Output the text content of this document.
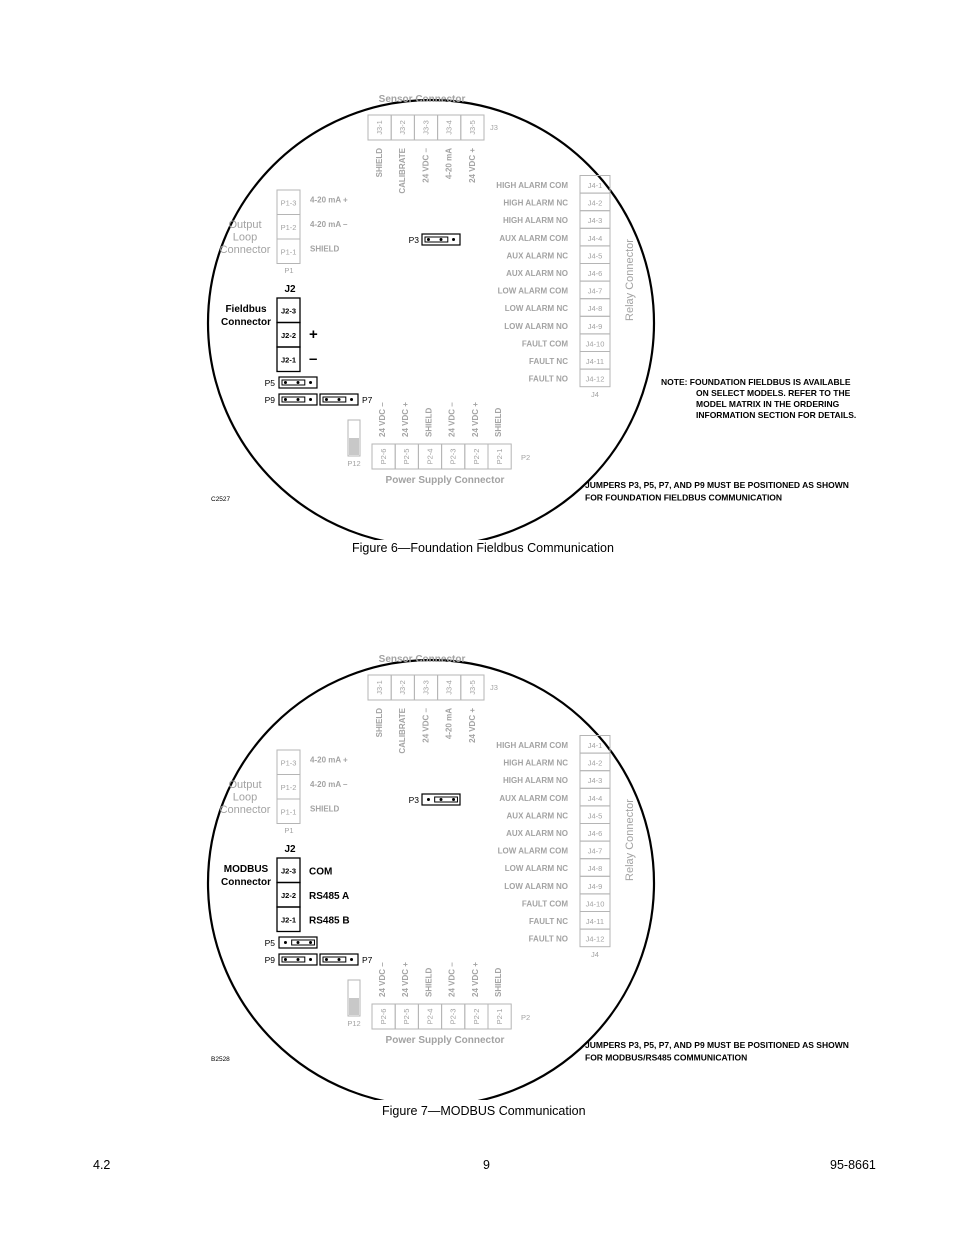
Sensor Connector
J3-1 J3-2 J3-3 J3-4 J3-5 J3
SHIELD CALIBRATE 24 VDC – 4-20 mA 24 VDC +
HIGH ALARM COM	J4-1
HIGH ALARM NC	J4-2
HIGH ALARM NO	J4-3
AUX ALARM COM	J4-4
AUX ALARM NC	J4-5
AUX ALARM NO	J4-6
LOW ALARM COM	J4-7
LOW ALARM NC	J4-8
LOW ALARM NO	J4-9
FAULT COM J4-10
FAULT NC J4-11
FAULT NO J4-12
J4
Relay Connector
Output
Loop
Connector
P1-3 4-20 mA +
P1-2 4-20 mA –
P1-1 SHIELD
P1
J2
Fieldbus
Connector
J2-3
J2-2 +
J2-1 –
P3
P5
P9	P7
P12
24 VDC – 24 VDC + SHIELD 24 VDC – 24 VDC + SHIELD
P2-6 P2-5 P2-4 P2-3 P2-2 P2-1 P2
Power Supply Connector
C2527
NOTE: FOUNDATION FIELDBUS IS AVAILABLE
ON SELECT MODELS. REFER TO THE
MODEL MATRIX IN THE ORDERING
INFORMATION SECTION FOR DETAILS.
JUMPERS P3, P5, P7, AND P9 MUST BE POSITIONED AS SHOWN
FOR FOUNDATION FIELDBUS COMMUNICATION
Figure 6—Foundation Fieldbus Communication
Sensor Connector
J3-1 J3-2 J3-3 J3-4 J3-5 J3
SHIELD CALIBRATE 24 VDC – 4-20 mA 24 VDC +
HIGH ALARM COM	J4-1
HIGH ALARM NC	J4-2
HIGH ALARM NO	J4-3
AUX ALARM COM	J4-4
AUX ALARM NC	J4-5
AUX ALARM NO	J4-6
LOW ALARM COM	J4-7
LOW ALARM NC	J4-8
LOW ALARM NO	J4-9
FAULT COM J4-10
FAULT NC J4-11
FAULT NO J4-12
J4
Relay Connector
Output
Loop
Connector
P1-3 4-20 mA +
P1-2 4-20 mA –
P1-1 SHIELD
P1
J2
MODBUS
Connector
J2-3 COM
J2-2 RS485 A
J2-1 RS485 B
P3
P5
P9	P7
P12
24 VDC – 24 VDC + SHIELD 24 VDC – 24 VDC + SHIELD
P2-6 P2-5 P2-4 P2-3 P2-2 P2-1 P2
Power Supply Connector
B2528
JUMPERS P3, P5, P7, AND P9 MUST BE POSITIONED AS SHOWN
FOR MODBUS/RS485 COMMUNICATION
Figure 7—MODBUS Communication
4.2	9	95-8661
